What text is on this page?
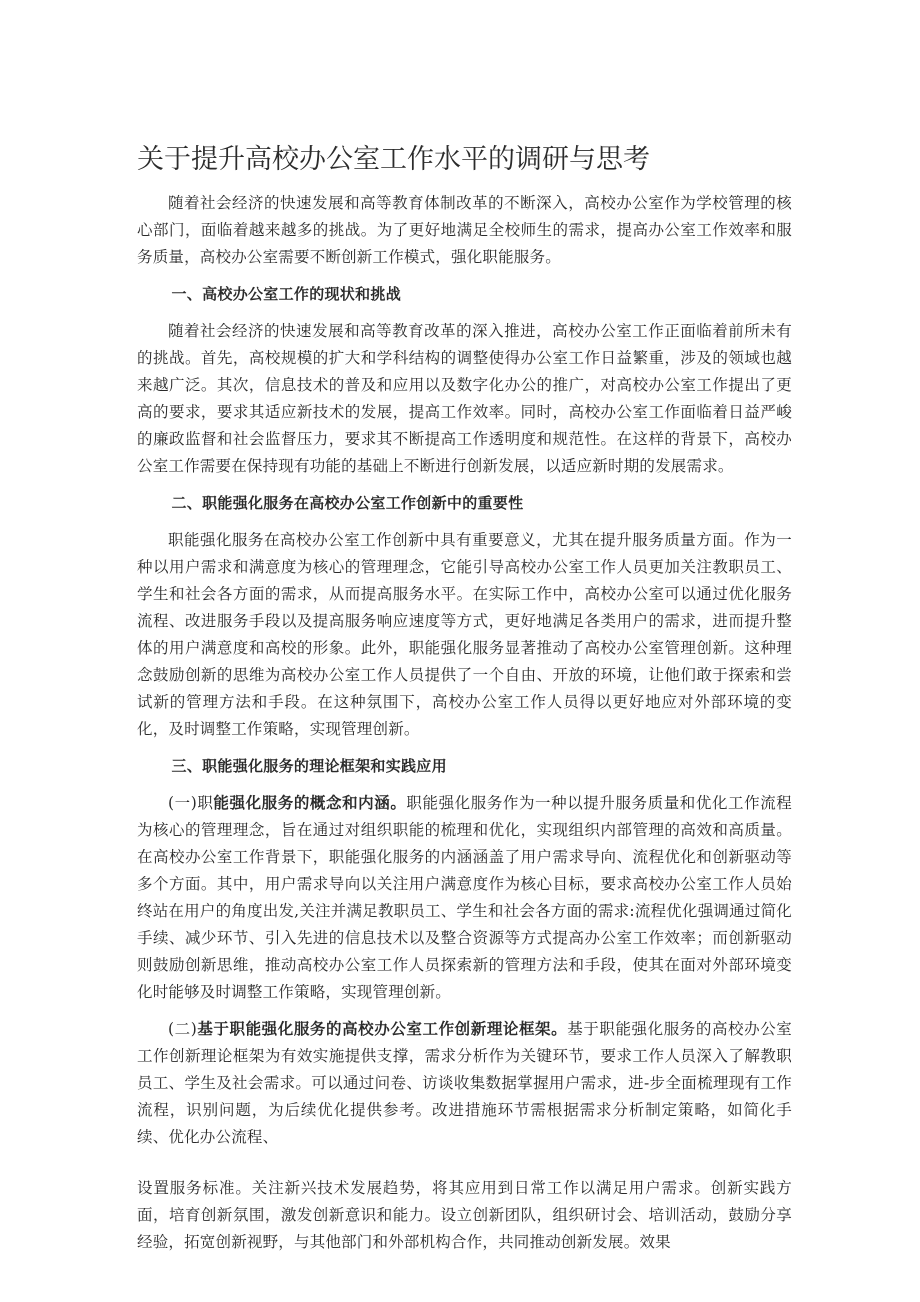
关于提升高校办公室工作水平的调研与思考

随着社会经济的快速发展和高等教育体制改革的不断深入，高校办公室作为学校管理的核心部门，面临着越来越多的挑战。为了更好地满足全校师生的需求，提高办公室工作效率和服务质量，高校办公室需要不断创新工作模式，强化职能服务。

一、高校办公室工作的现状和挑战

随着社会经济的快速发展和高等教育改革的深入推进，高校办公室工作正面临着前所未有的挑战。首先，高校规模的扩大和学科结构的调整使得办公室工作日益繁重，涉及的领域也越来越广泛。其次，信息技术的普及和应用以及数字化办公的推广，对高校办公室工作提出了更高的要求，要求其适应新技术的发展，提高工作效率。同时，高校办公室工作面临着日益严峻的廉政监督和社会监督压力，要求其不断提高工作透明度和规范性。在这样的背景下，高校办公室工作需要在保持现有功能的基础上不断进行创新发展，以适应新时期的发展需求。

二、职能强化服务在高校办公室工作创新中的重要性

职能强化服务在高校办公室工作创新中具有重要意义，尤其在提升服务质量方面。作为一种以用户需求和满意度为核心的管理理念，它能引导高校办公室工作人员更加关注教职员工、学生和社会各方面的需求，从而提高服务水平。在实际工作中，高校办公室可以通过优化服务流程、改进服务手段以及提高服务响应速度等方式，更好地满足各类用户的需求，进而提升整体的用户满意度和高校的形象。此外，职能强化服务显著推动了高校办公室管理创新。这种理念鼓励创新的思维为高校办公室工作人员提供了一个自由、开放的环境，让他们敢于探索和尝试新的管理方法和手段。在这种氛围下，高校办公室工作人员得以更好地应对外部环境的变化，及时调整工作策略，实现管理创新。

三、职能强化服务的理论框架和实践应用

(一)职能强化服务的概念和内涵。职能强化服务作为一种以提升服务质量和优化工作流程为核心的管理理念，旨在通过对组织职能的梳理和优化，实现组织内部管理的高效和高质量。在高校办公室工作背景下，职能强化服务的内涵涵盖了用户需求导向、流程优化和创新驱动等多个方面。其中，用户需求导向以关注用户满意度作为核心目标，要求高校办公室工作人员始终站在用户的角度出发,关注并满足教职员工、学生和社会各方面的需求:流程优化强调通过简化手续、减少环节、引入先进的信息技术以及整合资源等方式提高办公室工作效率；而创新驱动则鼓励创新思维，推动高校办公室工作人员探索新的管理方法和手段，使其在面对外部环境变化时能够及时调整工作策略，实现管理创新。

(二)基于职能强化服务的高校办公室工作创新理论框架。基于职能强化服务的高校办公室工作创新理论框架为有效实施提供支撑，需求分析作为关键环节，要求工作人员深入了解教职员工、学生及社会需求。可以通过问卷、访谈收集数据掌握用户需求，进-步全面梳理现有工作流程，识别问题，为后续优化提供参考。改进措施环节需根据需求分析制定策略，如简化手续、优化办公流程、

设置服务标准。关注新兴技术发展趋势，将其应用到日常工作以满足用户需求。创新实践方面，培育创新氛围，激发创新意识和能力。设立创新团队，组织研讨会、培训活动，鼓励分享经验，拓宽创新视野，与其他部门和外部机构合作，共同推动创新发展。效果
